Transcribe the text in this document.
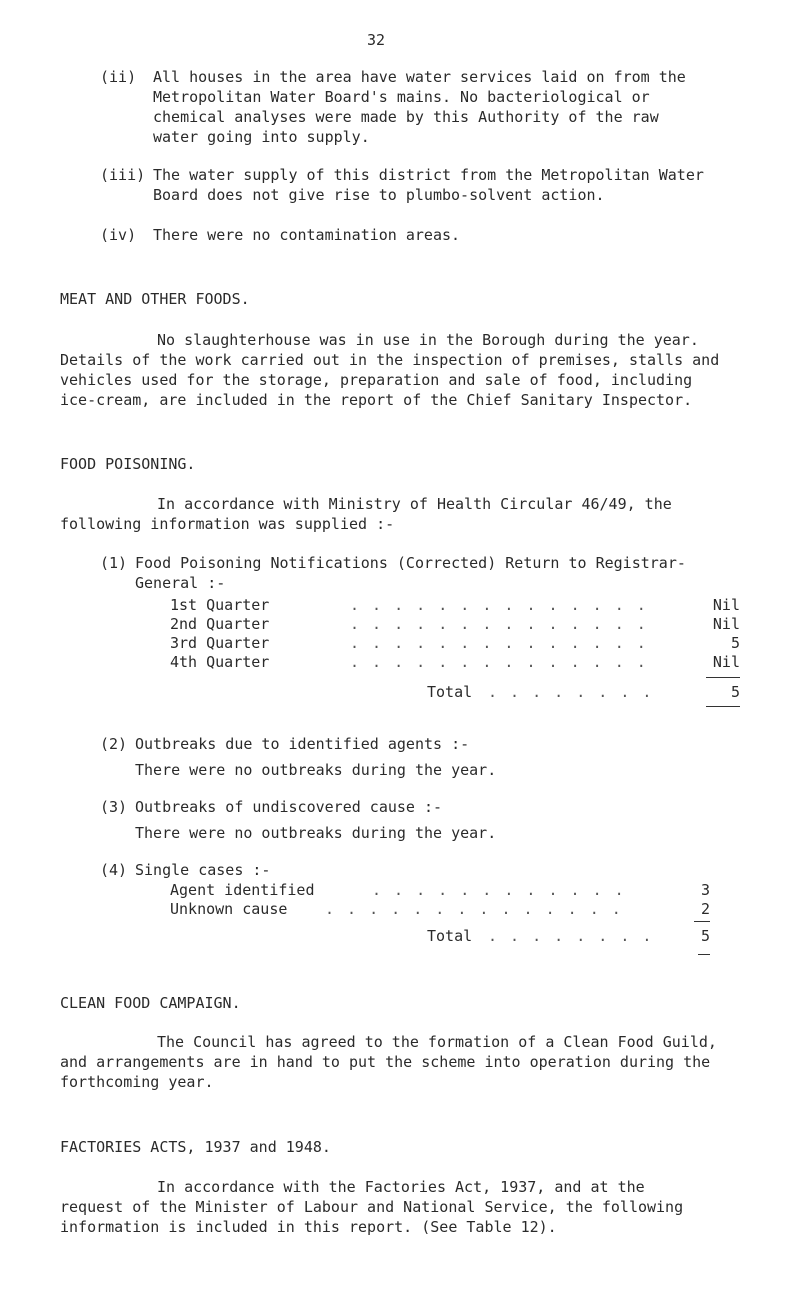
32
(ii) All houses in the area have water services laid on from the
Metropolitan Water Board's mains. No bacteriological or
chemical analyses were made by this Authority of the raw
water going into supply.
(iii) The water supply of this district from the Metropolitan Water
Board does not give rise to plumbo-solvent action.
(iv) There were no contamination areas.
MEAT AND OTHER FOODS.
No slaughterhouse was in use in the Borough during the year.
Details of the work carried out in the inspection of premises, stalls and
vehicles used for the storage, preparation and sale of food, including
ice-cream, are included in the report of the Chief Sanitary Inspector.
FOOD POISONING.
In accordance with Ministry of Health Circular 46/49, the
following information was supplied :-
(1) Food Poisoning Notifications (Corrected) Return to Registrar-
General :-
1st Quarter	. . . . . . . . . . . . . .	Nil
2nd Quarter	. . . . . . . . . . . . . .	Nil
3rd Quarter	. . . . . . . . . . . . . .	5
4th Quarter	. . . . . . . . . . . . . .	Nil
Total . . . . . . . .	5
(2) Outbreaks due to identified agents :-
There were no outbreaks during the year.
(3) Outbreaks of undiscovered cause :-
There were no outbreaks during the year.
(4) Single cases :-
Agent identified	. . . . . . . . . . . .	3
Unknown cause	. . . . . . . . . . . . . .	2
Total . . . . . . . .	5
CLEAN FOOD CAMPAIGN.
The Council has agreed to the formation of a Clean Food Guild,
and arrangements are in hand to put the scheme into operation during the
forthcoming year.
FACTORIES ACTS, 1937 and 1948.
In accordance with the Factories Act, 1937, and at the
request of the Minister of Labour and National Service, the following
information is included in this report. (See Table 12).
